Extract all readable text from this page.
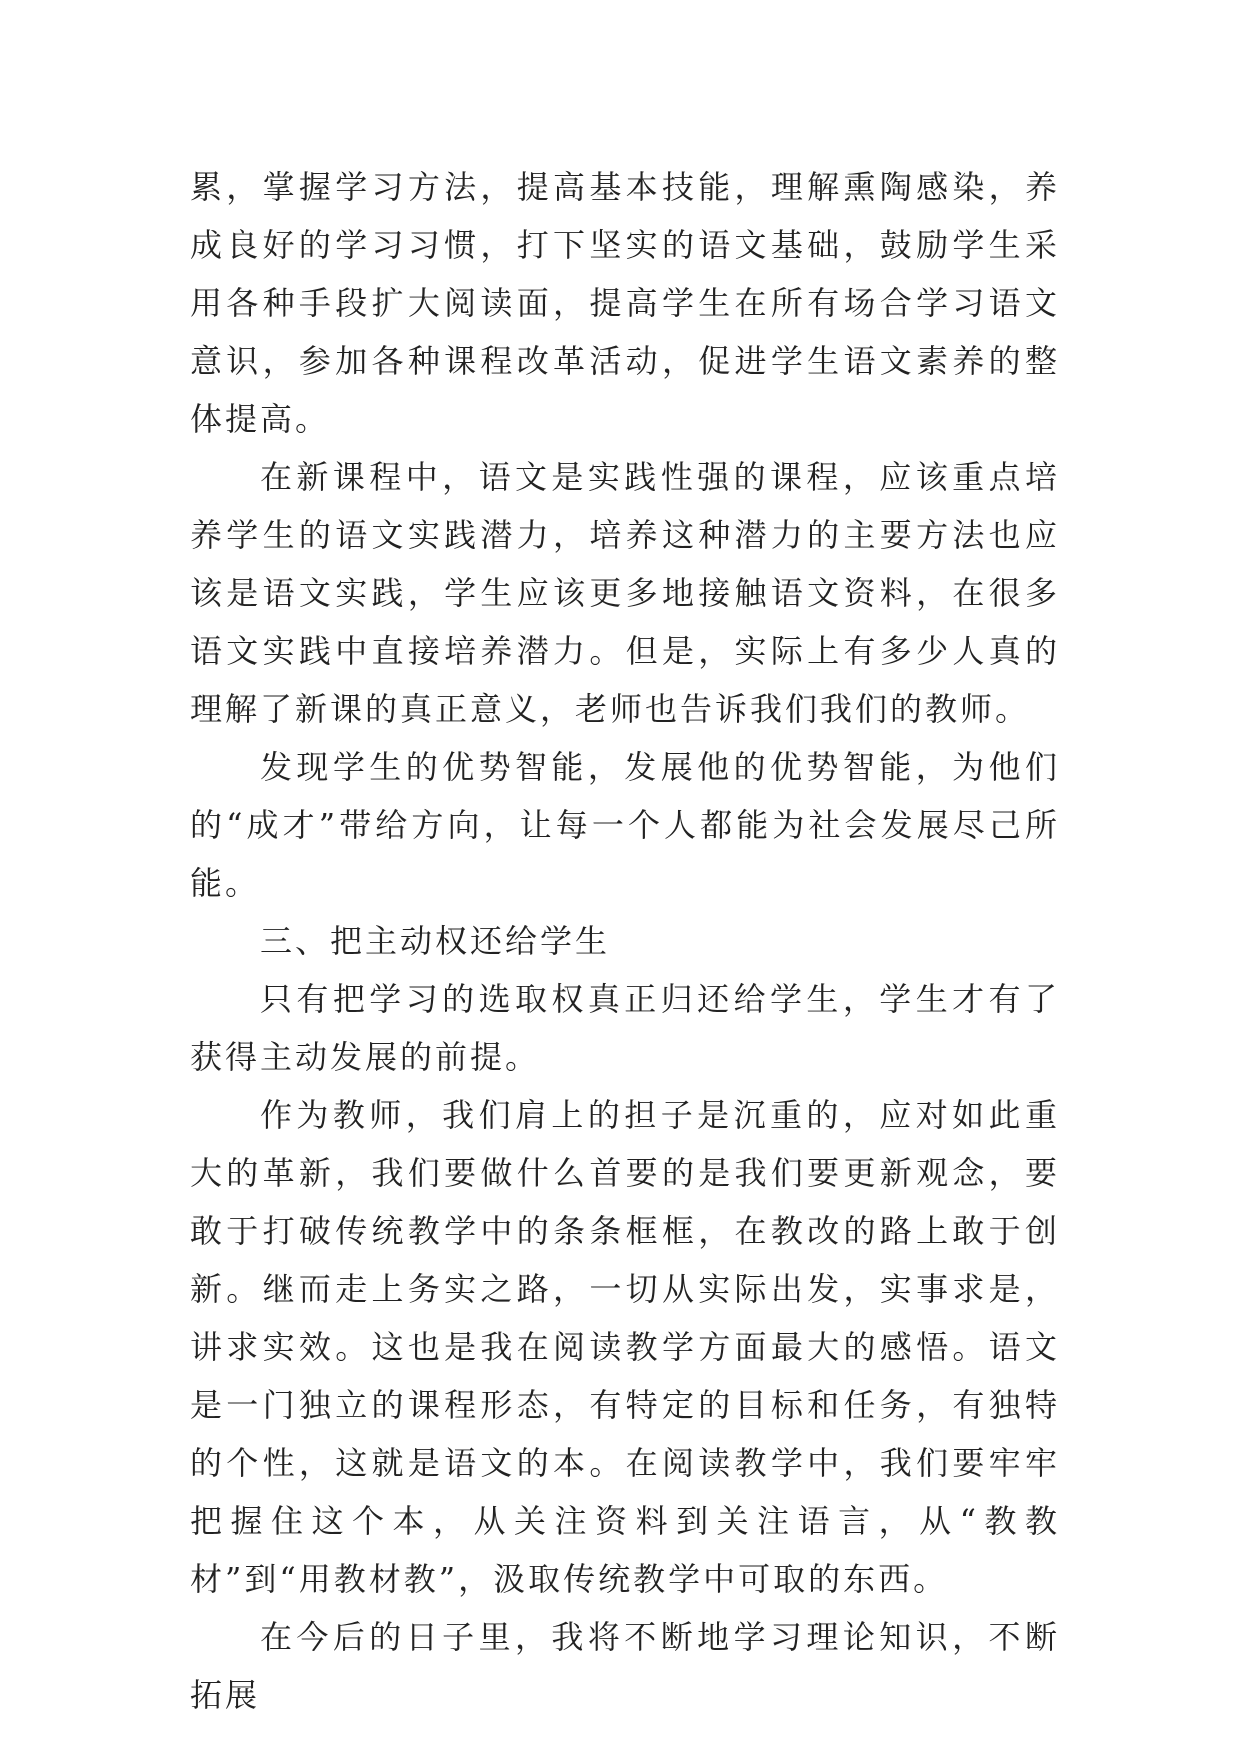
累，掌握学习方法，提高基本技能，理解熏陶感染，养成良好的学习习惯，打下坚实的语文基础，鼓励学生采用各种手段扩大阅读面，提高学生在所有场合学习语文意识，参加各种课程改革活动，促进学生语文素养的整体提高。

在新课程中，语文是实践性强的课程，应该重点培养学生的语文实践潜力，培养这种潜力的主要方法也应该是语文实践，学生应该更多地接触语文资料，在很多语文实践中直接培养潜力。但是，实际上有多少人真的理解了新课的真正意义，老师也告诉我们我们的教师。

发现学生的优势智能，发展他的优势智能，为他们的“成才”带给方向，让每一个人都能为社会发展尽己所能。

三、把主动权还给学生

只有把学习的选取权真正归还给学生，学生才有了获得主动发展的前提。

作为教师，我们肩上的担子是沉重的，应对如此重大的革新，我们要做什么首要的是我们要更新观念，要敢于打破传统教学中的条条框框，在教改的路上敢于创新。继而走上务实之路，一切从实际出发，实事求是，讲求实效。这也是我在阅读教学方面最大的感悟。语文是一门独立的课程形态，有特定的目标和任务，有独特的个性，这就是语文的本。在阅读教学中，我们要牢牢把握住这个本，从关注资料到关注语言，从“教教材”到“用教材教”，汲取传统教学中可取的东西。

在今后的日子里，我将不断地学习理论知识，不断拓展
